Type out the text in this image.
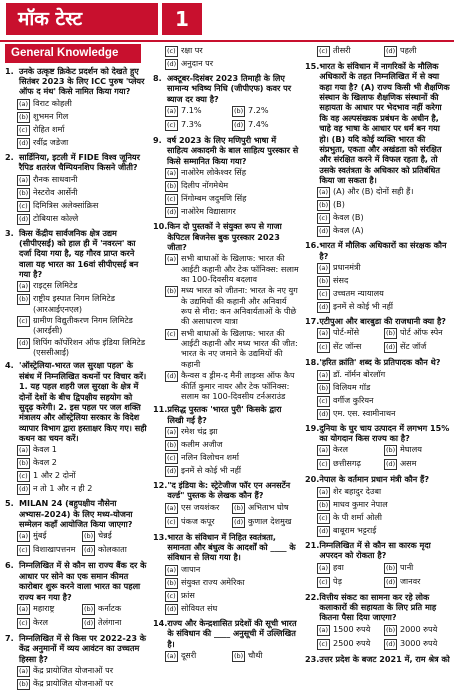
मॉक टेस्ट	1
General Knowledge
1. उनके उत्कृष्ट क्रिकेट प्रदर्शन को देखते हुए सितंबर 2023 के लिए ICC पुरुष 'प्लेयर ऑफ द मंथ' किसे नामित किया गया?
(a) विराट कोहली
(b) शुभमन गिल
(c) रोहित शर्मा
(d) रवींद्र जडेजा
2. सार्डिनिया, इटली में FIDE विश्व जूनियर रैपिड शतरंज चैम्पियनशिप किसने जीती?
(a) रौनक साधवानी
(b) नेस्टरोव आर्सेनी
(c) दिमित्रिस अलेक्सांक्रिस
(d) टोबियास कोल्ले
3. किस केंद्रीय सार्वजनिक क्षेत्र उद्यम (सीपीएसई) को हाल ही में 'नवरत्न' का दर्जा दिया गया है, यह गौरव प्राप्त करने वाला यह भारत का 16वां सीपीएसई बन गया है?
(a) राइट्स लिमिटेड
(b) राष्ट्रीय इस्पात निगम लिमिटेड (आरआईएनएल)
(c) ग्रामीण विद्युतीकरण निगम लिमिटेड (आरईसी)
(d) शिपिंग कॉर्पोरेशन ऑफ इंडिया लिमिटेड (एससीआई)
4. 'ऑस्ट्रेलिया-भारत जल सुरक्षा पहल' के संबंध में निम्नलिखित कथनों पर विचार करें। 1. यह पहल शहरी जल सुरक्षा के क्षेत्र में दोनों देशों के बीच द्विपक्षीय सहयोग को सुदृढ़ करेगी। 2. इस पहल पर जल शक्ति मंत्रालय और ऑस्ट्रेलिया सरकार के विदेश व्यापार विभाग द्वारा हस्ताक्षर किए गए। सही कथन का चयन करें।
(a) केवल 1
(b) केवल 2
(c) 1 और 2 दोनों
(d) न तो 1 और न ही 2
5. MILAN 24 (बहुपक्षीय नौसेना अभ्यास-2024) के लिए मध्य-योजना सम्मेलन कहाँ आयोजित किया जाएगा?
(a) मुंबई	(b) चेन्नई
(c) विशाखापत्तनम	(d) कोलकाता
6. निम्नलिखित में से कौन सा राज्य बैंक दर के आधार पर सोने का एक समान कीमत कारोबार शुरू करने वाला भारत का पहला राज्य बन गया है?
(a) महाराष्ट्र	(b) कर्नाटक
(c) केरल	(d) तेलंगाना
7. निम्नलिखित में से किस पर 2022-23 के केंद्र अनुमानों में व्यय आवंटन का उच्चतम हिस्सा है?
(a) केंद्र प्रायोजित योजनाओं पर
(b) केंद्र प्रायोजित योजनाओं पर
(c) रक्षा पर
(d) अनुदान पर
8. अक्टूबर-दिसंबर 2023 तिमाही के लिए सामान्य भविष्य निधि (जीपीएफ) कवर पर ब्याज दर क्या है?
(a) 7.1%	(b) 7.2%
(c) 7.3%	(d) 7.4%
9. वर्ष 2023 के लिए मणिपुरी भाषा में साहित्य अकादमी के बाल साहित्य पुरस्कार से किसे सम्मानित किया गया?
(a) नाओरेम लोकेश्वर सिंह
(b) दिलीप नोंगमेथेम
(c) निंगोम्बम जदुमणि सिंह
(d) नाओरेम विद्यासागर
10. किन दो पुस्तकों ने संयुक्त रूप से गाजा केपिटल बिजनेस बुक पुरस्कार 2023 जीता?
(a) सभी बाधाओं के खिलाफ: भारत की आईटी कहानी और टेक फॉनिक्स: सलाम का 100-दिवसीय बदलाव
(b) मध्य भारत को जीतना: भारत के नए युग के उद्यमियों की कहानी और अनिवार्य रूप से मीरा: कन अनिवार्यताओं के पीछे की असाधारण यात्रा
(c) सभी बाधाओं के खिलाफ: भारत की आईटी कहानी और मध्य भारत की जीत: भारत के नए जमाने के उद्यमियों की कहानी
(d) कैन्वस व ड्रीम-द मैनी लाइव्स ऑफ कैप कीर्ति कुमार नायर और टेक फॉनिक्स: सलाम का 100-दिवसीय टर्नअराउंड
11. प्रसिद्ध पुस्तक 'भारत पुरी' किसके द्वारा लिखी गई है?
(a) रमेश चंद्र झा
(b) कलीम अजीज
(c) नलिन विलोचन शर्मा
(d) इनमें से कोई भी नहीं
12. "द इंडिया के: स्ट्रेटेजीज फॉर एन अनसर्टेन वर्ल्ड" पुस्तक के लेखक कौन हैं?
(a) एस जयशंकर	(b) अभिताभ घोष
(c) पंकज कपूर	(d) कुणाल देशमुख
13. भारत के संविधान में निहित स्वतंत्रता, समानता और बंधुत्व के आदर्शों को ____ के संविधान से लिया गया है।
(a) जापान
(b) संयुक्त राज्य अमेरिका
(c) फ्रांस
(d) सोवियत संघ
14. राज्य और केन्द्रशासित प्रदेशों की सूची भारत के संविधान की ____ अनुसूची में उल्लिखित है।
(a) दूसरी	(b) चौथी
(c) तीसरी	(d) पहली
15. भारत के संविधान में नागरिकों के मौलिक अधिकारों के तहत निम्नलिखित में से क्या कहा गया है? (A) राज्य किसी भी शैक्षणिक संस्थान के खिलाफ शैक्षणिक संस्थानों की सहायता के आधार पर भेदभाव नहीं करेगा कि वह अल्पसंख्यक प्रबंधन के अधीन है, चाहे वह भाषा के आधार पर धर्म बन गया हो। (B) यदि कोई व्यक्ति भारत की संप्रभुता, एकता और अखंडता को संरक्षित और संरक्षित करने में विफल रहता है, तो उसके स्वतंत्रता के अधिकार को प्रतिबंधित किया जा सकता है।
(a) (A) और (B) दोनों सही हैं।
(b) (B)
(c) केवल (B)
(d) केवल (A)
16. भारत में मौलिक अधिकारों का संरक्षक कौन है?
(a) प्रधानमंत्री
(b) संसद
(c) उच्चतम न्यायालय
(d) इनमें से कोई भी नहीं
17. एटीपुआ और बारबुडा की राजधानी क्या है?
(a) पोर्ट-मोंसे	(b) पोर्ट ऑफ स्पेन
(c) सेंट जॉन्स	(d) सेंट जॉर्ज
18. 'हरित क्रांति' शब्द के प्रतिपादक कौन थे?
(a) डॉ. नॉर्मन बोरलॉग
(b) विलियम गॉड
(c) वर्गीज कुरियन
(d) एम. एस. स्वामीनाथन
19. दुनिया के घुर चाय उत्पादन में लगभग 15% का योगदान किस राज्य का है?
(a) केरल	(b) मेघालय
(c) छत्तीसगढ़	(d) असम
20. नेपाल के वर्तमान प्रधान मंत्री कौन हैं?
(a) शेर बहादुर देउबा
(b) माधव कुमार नेपाल
(c) के पी शर्मा ओली
(d) बाबूराम भट्टराई
21. निम्नलिखित में से कौन सा कारक मृदा अपरदन को रोकता है?
(a) हवा	(b) पानी
(c) पेड़	(d) जानवर
22. वित्तीय संकट का सामना कर रहे लोक कलाकारों की सहायता के लिए प्रति माह कितना पैसा दिया जाएगा?
(a) 1500 रुपये	(b) 2000 रुपये
(c) 2500 रुपये	(d) 3000 रुपये
23. उत्तर प्रदेश के बजट 2021 में, राम श्रेत्र को
